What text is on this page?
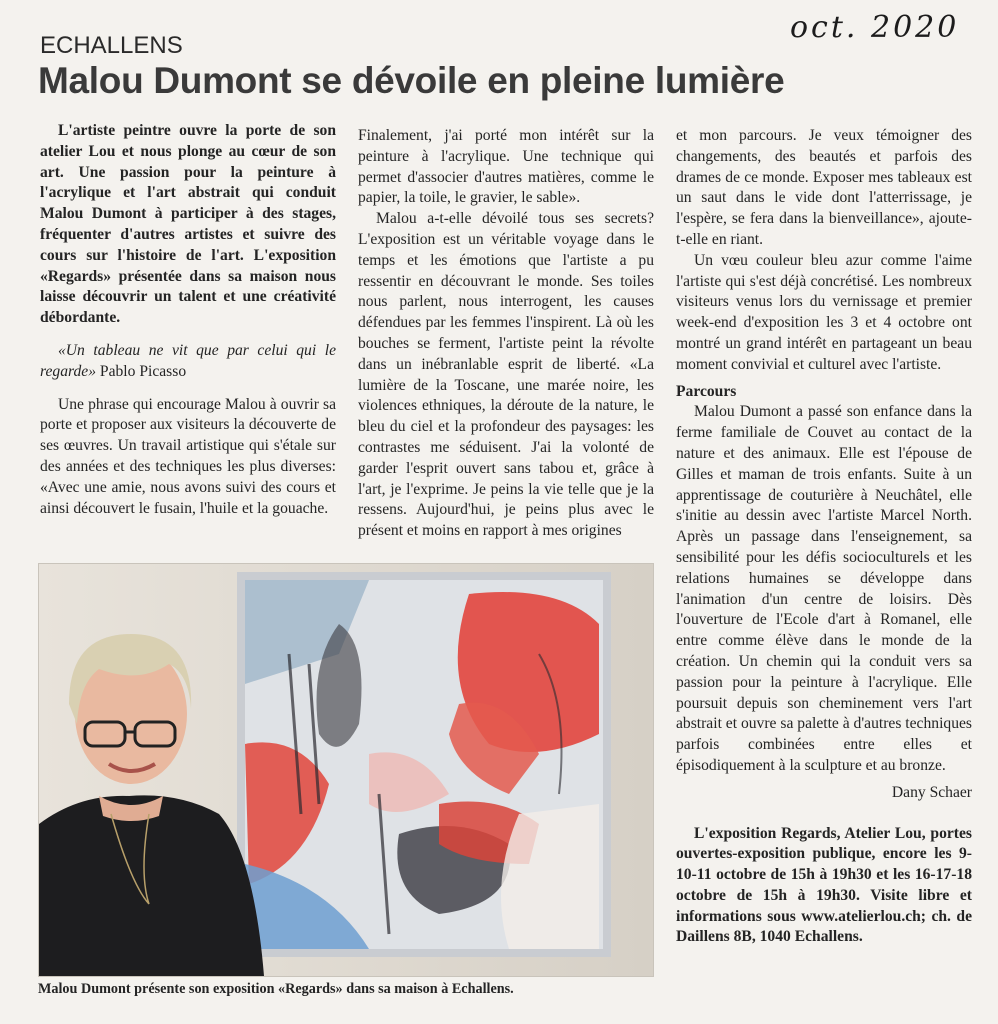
oct. 2020
ECHALLENS
Malou Dumont se dévoile en pleine lumière

L'artiste peintre ouvre la porte de son atelier Lou et nous plonge au cœur de son art. Une passion pour la peinture à l'acrylique et l'art abstrait qui conduit Malou Dumont à participer à des stages, fréquenter d'autres artistes et suivre des cours sur l'histoire de l'art. L'exposition «Regards» présentée dans sa maison nous laisse découvrir un talent et une créativité débordante.

«Un tableau ne vit que par celui qui le regarde» Pablo Picasso

Une phrase qui encourage Malou à ouvrir sa porte et proposer aux visiteurs la découverte de ses œuvres. Un travail artistique qui s'étale sur des années et des techniques les plus diverses: «Avec une amie, nous avons suivi des cours et ainsi découvert le fusain, l'huile et la gouache.

Finalement, j'ai porté mon intérêt sur la peinture à l'acrylique. Une technique qui permet d'associer d'autres matières, comme le papier, la toile, le gravier, le sable».

Malou a-t-elle dévoilé tous ses secrets? L'exposition est un véritable voyage dans le temps et les émotions que l'artiste a pu ressentir en découvrant le monde. Ses toiles nous parlent, nous interrogent, les causes défendues par les femmes l'inspirent. Là où les bouches se ferment, l'artiste peint la révolte dans un inébranlable esprit de liberté. «La lumière de la Toscane, une marée noire, les violences ethniques, la déroute de la nature, le bleu du ciel et la profondeur des paysages: les contrastes me séduisent. J'ai la volonté de garder l'esprit ouvert sans tabou et, grâce à l'art, je l'exprime. Je peins la vie telle que je la ressens. Aujourd'hui, je peins plus avec le présent et moins en rapport à mes origines

et mon parcours. Je veux témoigner des changements, des beautés et parfois des drames de ce monde. Exposer mes tableaux est un saut dans le vide dont l'atterrissage, je l'espère, se fera dans la bienveillance», ajoute-t-elle en riant.

Un vœu couleur bleu azur comme l'aime l'artiste qui s'est déjà concrétisé. Les nombreux visiteurs venus lors du vernissage et premier week-end d'exposition les 3 et 4 octobre ont montré un grand intérêt en partageant un beau moment convivial et culturel avec l'artiste.

Parcours

Malou Dumont a passé son enfance dans la ferme familiale de Couvet au contact de la nature et des animaux. Elle est l'épouse de Gilles et maman de trois enfants. Suite à un apprentissage de couturière à Neuchâtel, elle s'initie au dessin avec l'artiste Marcel North. Après un passage dans l'enseignement, sa sensibilité pour les défis socioculturels et les relations humaines se développe dans l'animation d'un centre de loisirs. Dès l'ouverture de l'Ecole d'art à Romanel, elle entre comme élève dans le monde de la création. Un chemin qui la conduit vers sa passion pour la peinture à l'acrylique. Elle poursuit depuis son cheminement vers l'art abstrait et ouvre sa palette à d'autres techniques parfois combinées entre elles et épisodiquement à la sculpture et au bronze.

Dany Schaer

L'exposition Regards, Atelier Lou, portes ouvertes-exposition publique, encore les 9-10-11 octobre de 15h à 19h30 et les 16-17-18 octobre de 15h à 19h30. Visite libre et informations sous www.atelierlou.ch; ch. de Daillens 8B, 1040 Echallens.

Malou Dumont présente son exposition «Regards» dans sa maison à Echallens.
